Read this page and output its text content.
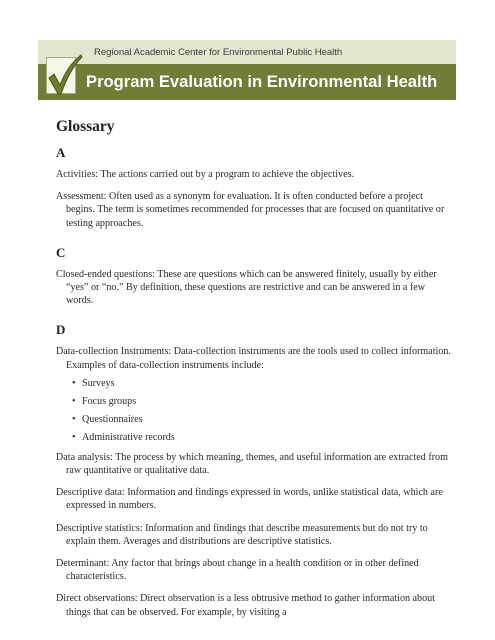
Regional Academic Center for Environmental Public Health
Program Evaluation in Environmental Health
Glossary
A

Activities: The actions carried out by a program to achieve the objectives.

Assessment: Often used as a synonym for evaluation. It is often conducted before a project begins. The term is sometimes recommended for processes that are focused on quantitative or testing approaches.

C

Closed-ended questions: These are questions which can be answered finitely, usually by either “yes” or “no.” By definition, these questions are restrictive and can be answered in a few words.

D

Data-collection Instruments: Data-collection instruments are the tools used to collect information. Examples of data-collection instruments include:

• Surveys
• Focus groups
• Questionnaires
• Administrative records

Data analysis: The process by which meaning, themes, and useful information are extracted from raw quantitative or qualitative data.

Descriptive data: Information and findings expressed in words, unlike statistical data, which are expressed in numbers.

Descriptive statistics: Information and findings that describe measurements but do not try to explain them. Averages and distributions are descriptive statistics.

Determinant: Any factor that brings about change in a health condition or in other defined characteristics.

Direct observations: Direct observation is a less obtrusive method to gather information about things that can be observed. For example, by visiting a
